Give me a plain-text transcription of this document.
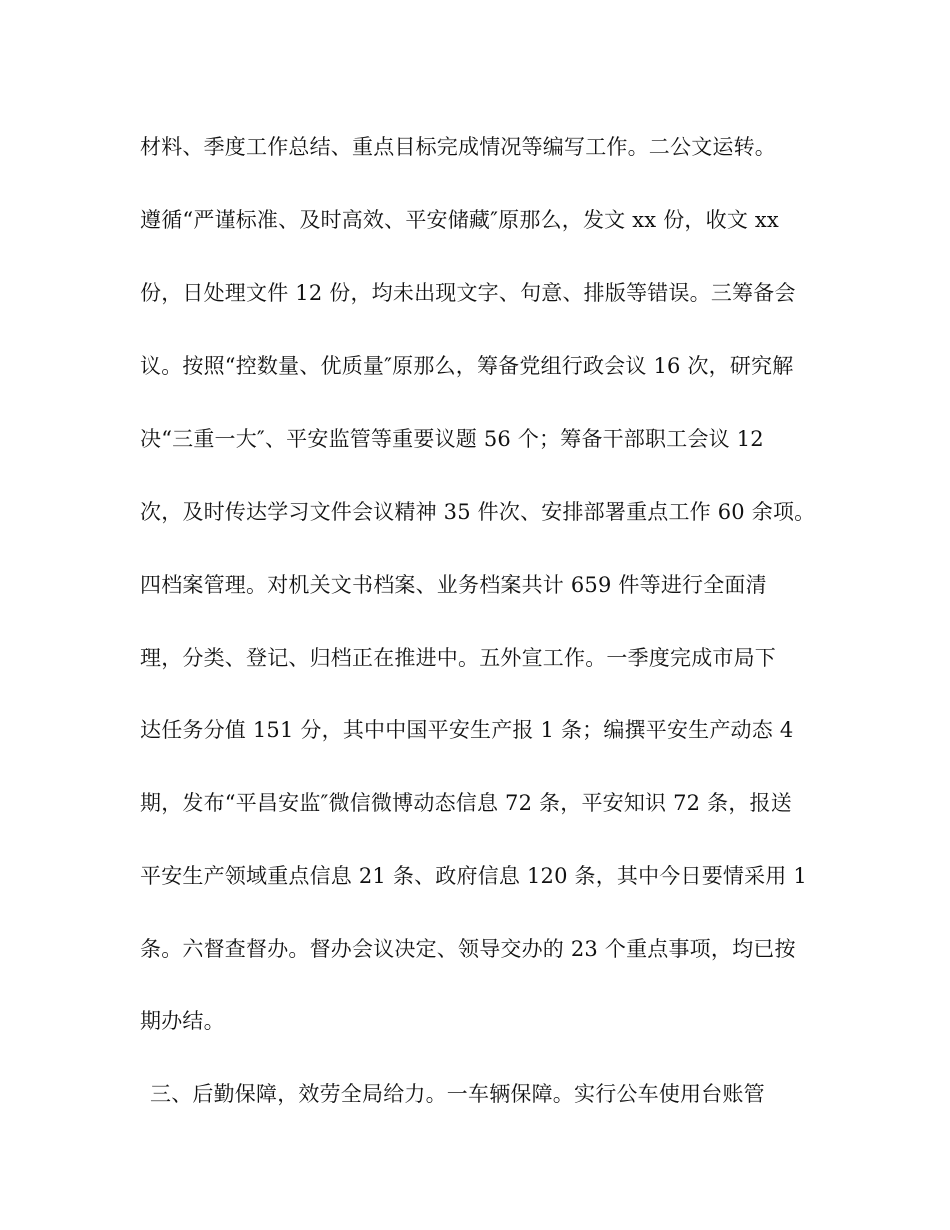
材料、季度工作总结、重点目标完成情况等编写工作。二公文运转。
遵循“严谨标准、及时高效、平安储藏″原那么，发文 xx 份，收文 xx
份，日处理文件 12 份，均未出现文字、句意、排版等错误。三筹备会
议。按照“控数量、优质量″原那么，筹备党组行政会议 16 次，研究解
决“三重一大″、平安监管等重要议题 56 个；筹备干部职工会议 12
次，及时传达学习文件会议精神 35 件次、安排部署重点工作 60 余项。
四档案管理。对机关文书档案、业务档案共计 659 件等进行全面清
理，分类、登记、归档正在推进中。五外宣工作。一季度完成市局下
达任务分值 151 分，其中中国平安生产报 1 条；编撰平安生产动态 4
期，发布“平昌安监″微信微博动态信息 72 条，平安知识 72 条，报送
平安生产领域重点信息 21 条、政府信息 120 条，其中今日要情采用 1
条。六督查督办。督办会议决定、领导交办的 23 个重点事项，均已按
期办结。
三、后勤保障，效劳全局给力。一车辆保障。实行公车使用台账管
